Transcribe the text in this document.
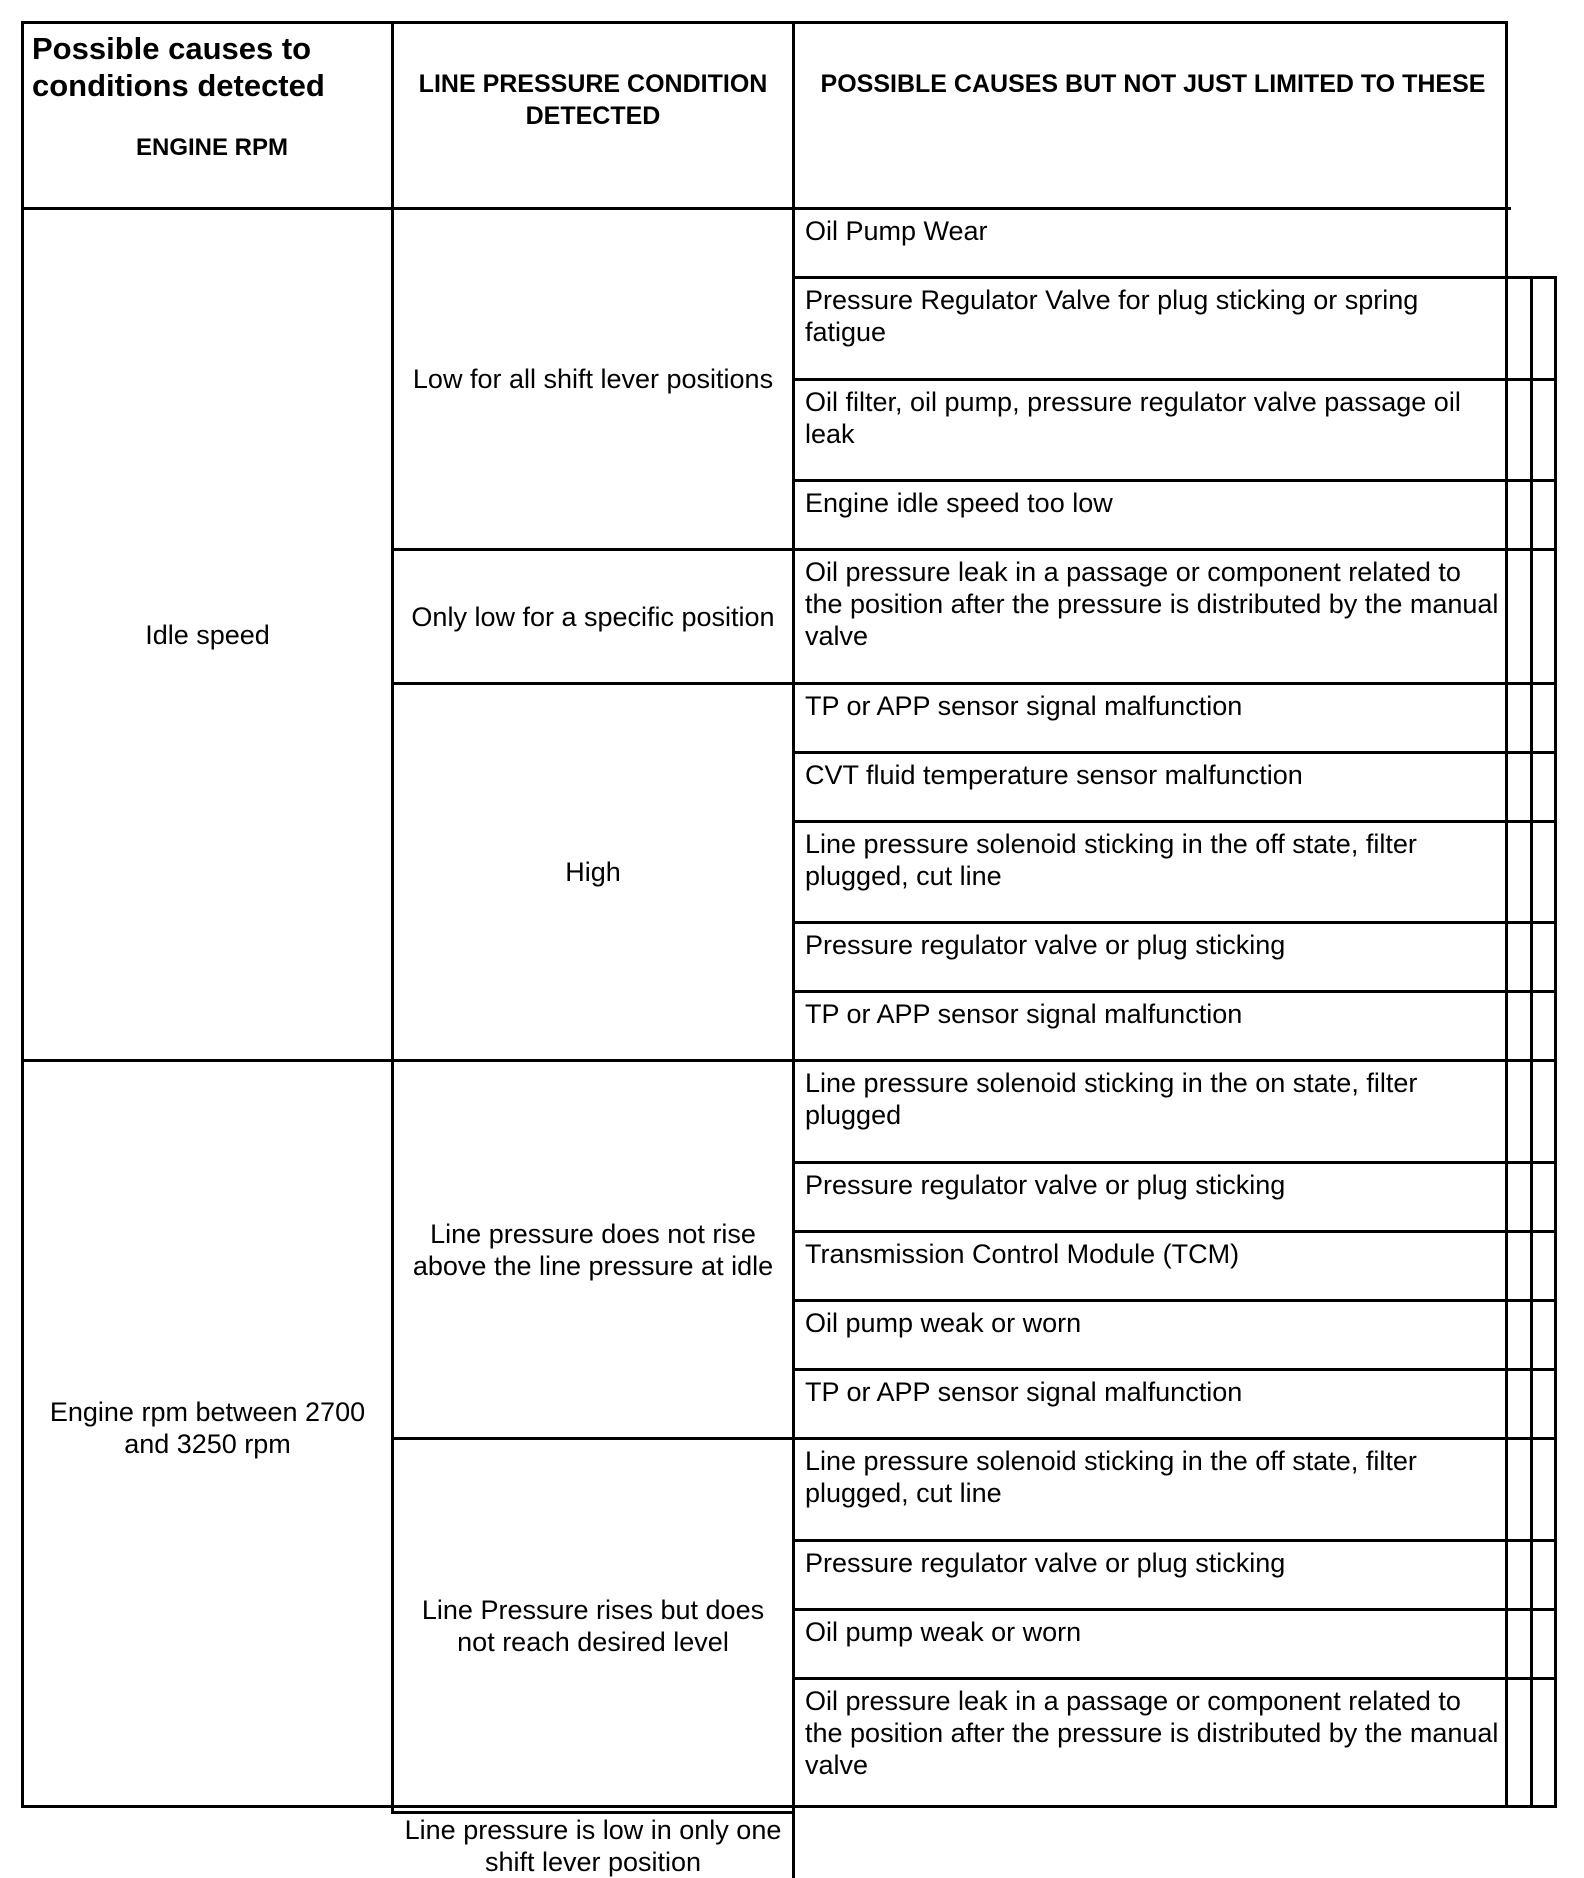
Possible causes to conditions detected
ENGINE RPM
LINE PRESSURE CONDITION DETECTED
POSSIBLE CAUSES BUT NOT JUST LIMITED TO THESE
Idle speed
Engine rpm between 2700 and 3250 rpm
Low for all shift lever positions
Only low for a specific position
High
Line pressure does not rise above the line pressure at idle
Line Pressure rises but does not reach desired level
Line pressure is low in only one shift lever position
Oil Pump Wear
Pressure Regulator Valve for plug sticking or spring fatigue
Oil filter, oil pump, pressure regulator valve passage oil leak
Engine idle speed too low
Oil pressure leak in a passage or component related to the position after the pressure is distributed by the manual valve
TP or APP sensor signal malfunction
CVT fluid temperature sensor malfunction
Line pressure solenoid sticking in the off state, filter plugged, cut line
Pressure regulator valve or plug sticking
TP or APP sensor signal malfunction
Line pressure solenoid sticking in the on state, filter plugged
Pressure regulator valve or plug sticking
Transmission Control Module (TCM)
Oil pump weak or worn
TP or APP sensor signal malfunction
Line pressure solenoid sticking in the off state, filter plugged, cut line
Pressure regulator valve or plug sticking
Oil pump weak or worn
Oil pressure leak in a passage or component related to the position after the pressure is distributed by the manual valve
